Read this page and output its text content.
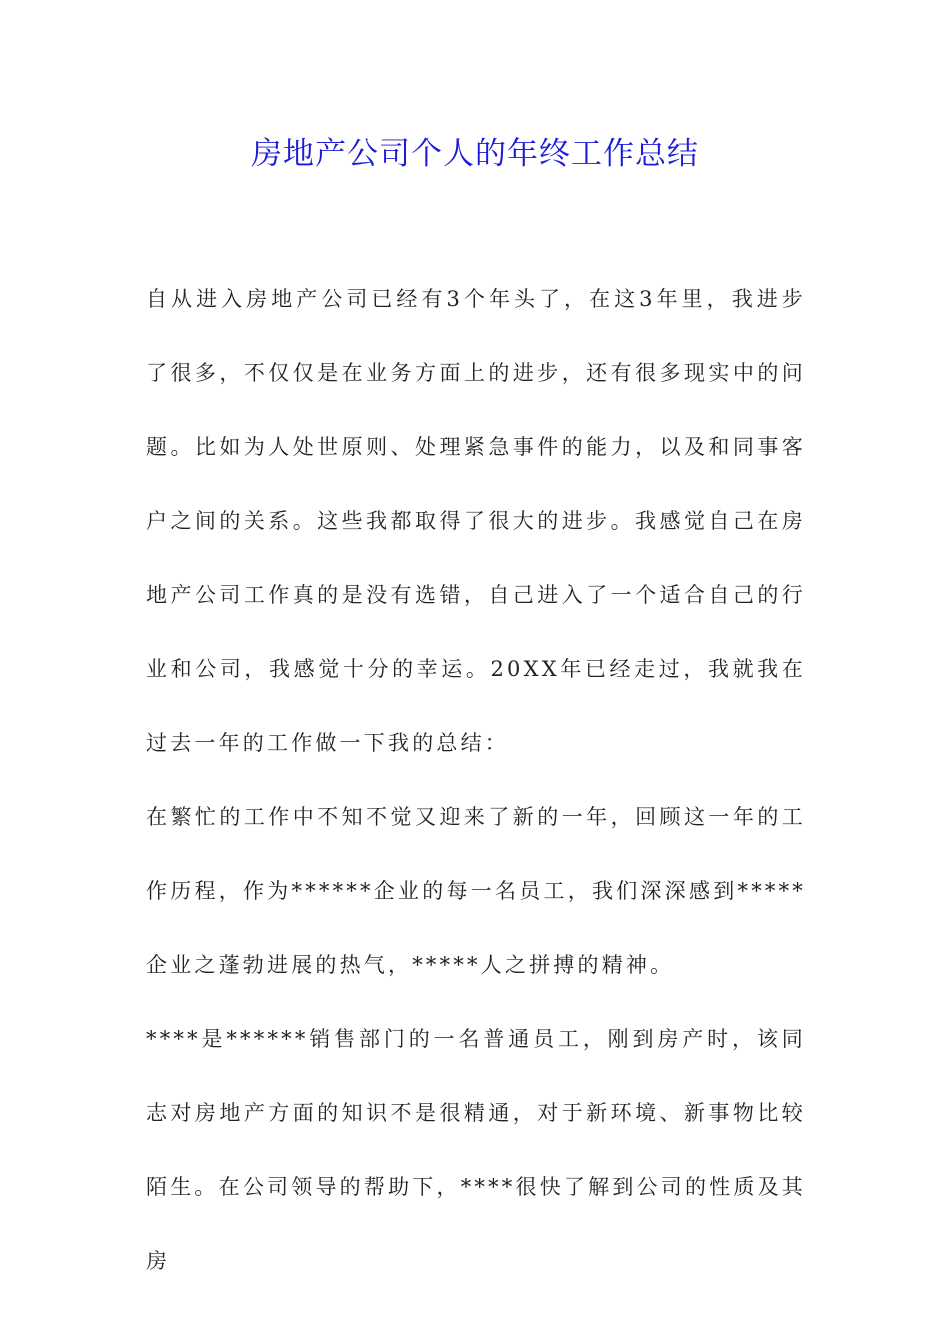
房地产公司个人的年终工作总结

自从进入房地产公司已经有3个年头了，在这3年里，我进步了很多，不仅仅是在业务方面上的进步，还有很多现实中的问题。比如为人处世原则、处理紧急事件的能力，以及和同事客户之间的关系。这些我都取得了很大的进步。我感觉自己在房地产公司工作真的是没有选错，自己进入了一个适合自己的行业和公司，我感觉十分的幸运。20XX年已经走过，我就我在过去一年的工作做一下我的总结：

在繁忙的工作中不知不觉又迎来了新的一年，回顾这一年的工作历程，作为******企业的每一名员工，我们深深感到*****企业之蓬勃进展的热气，*****人之拼搏的精神。

****是******销售部门的一名普通员工，刚到房产时，该同志对房地产方面的知识不是很精通，对于新环境、新事物比较陌生。在公司领导的帮助下，****很快了解到公司的性质及其房
